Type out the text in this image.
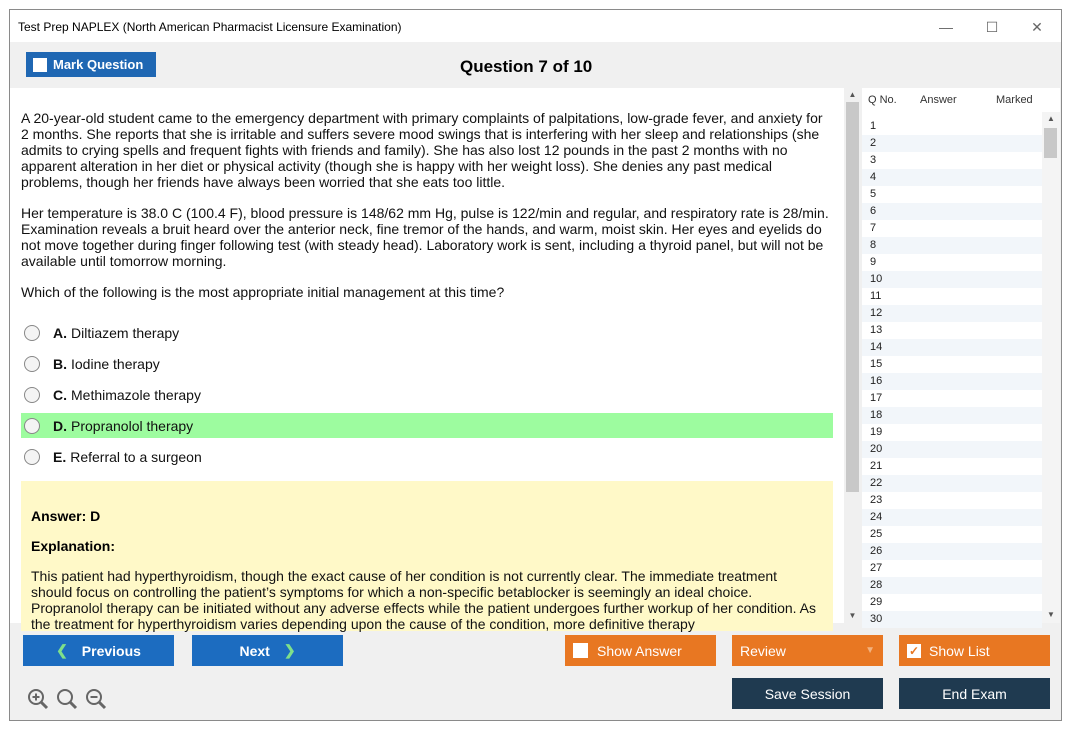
Test Prep NAPLEX (North American Pharmacist Licensure Examination)	—	☐	✕
Mark Question	Question 7 of 10

A 20-year-old student came to the emergency department with primary complaints of palpitations, low-grade fever, and anxiety for 2 months. She reports that she is irritable and suffers severe mood swings that is interfering with her sleep and relationships (she admits to crying spells and frequent fights with friends and family). She has also lost 12 pounds in the past 2 months with no apparent alteration in her diet or physical activity (though she is happy with her weight loss). She denies any past medical problems, though her friends have always been worried that she eats too little.

Her temperature is 38.0 C (100.4 F), blood pressure is 148/62 mm Hg, pulse is 122/min and regular, and respiratory rate is 28/min. Examination reveals a bruit heard over the anterior neck, fine tremor of the hands, and warm, moist skin. Her eyes and eyelids do not move together during finger following test (with steady head). Laboratory work is sent, including a thyroid panel, but will not be available until tomorrow morning.

Which of the following is the most appropriate initial management at this time?

A. Diltiazem therapy
B. Iodine therapy
C. Methimazole therapy
D. Propranolol therapy
E. Referral to a surgeon
Answer: D
Explanation:
This patient had hyperthyroidism, though the exact cause of her condition is not currently clear. The immediate treatment should focus on controlling the patient’s symptoms for which a non-specific betablocker is seemingly an ideal choice. Propranolol therapy can be initiated without any adverse effects while the patient undergoes further workup of her condition. As the treatment for hyperthyroidism varies depending upon the cause of the condition, more definitive therapy
▲
▼
Q No. Answer	Marked
1
2
3
4
5
6
7
8
9
10
11
12
13
14
15
16
17
18
19
20
21
22
23
24
25
26
27
28
29
30
▲
▼
❮ Previous	Next ❯	Show Answer	Review	▼	✓ Show List
Save Session	End Exam
